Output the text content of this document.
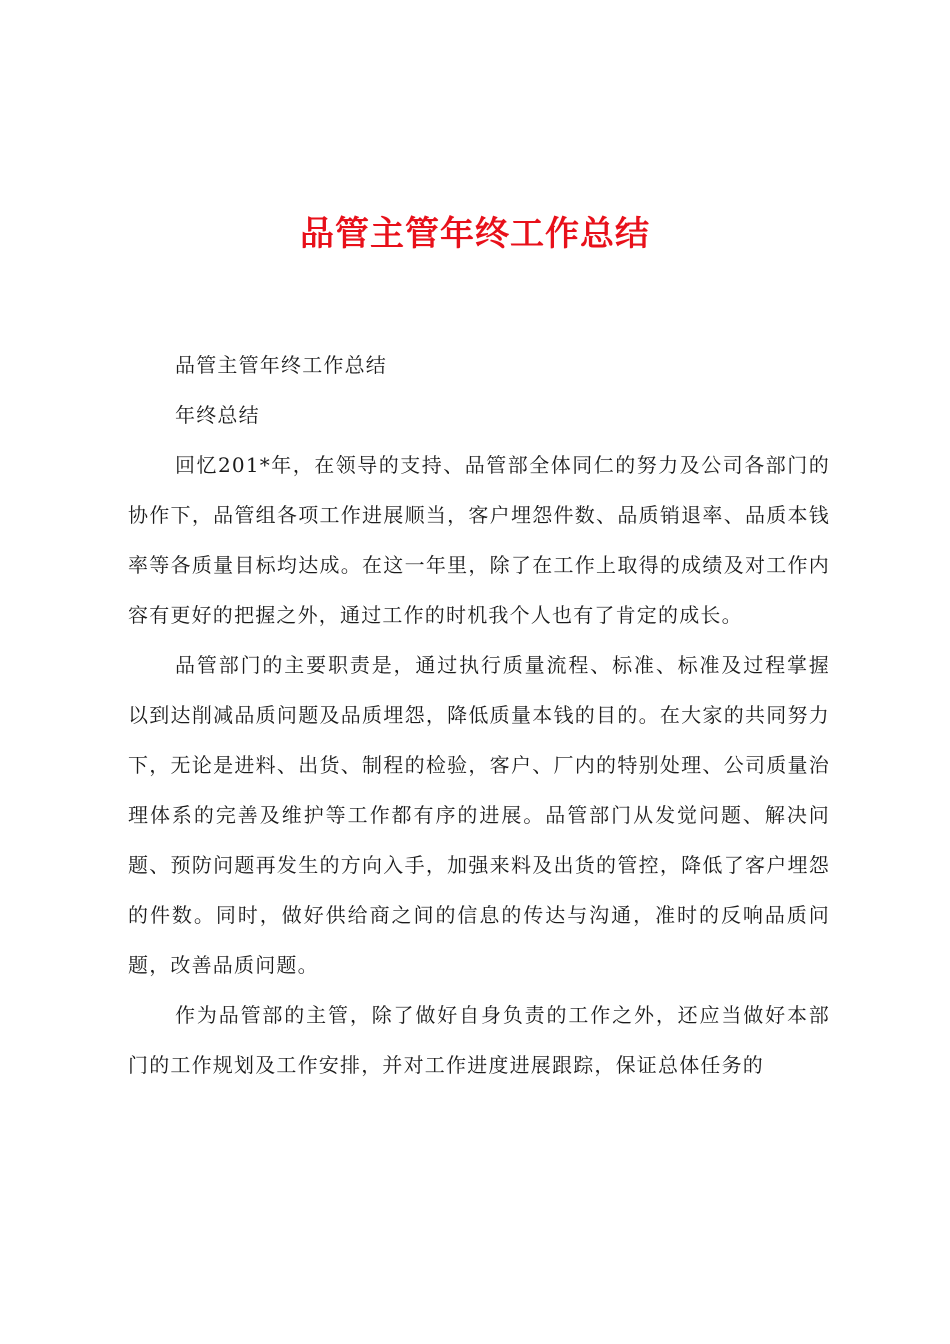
品管主管年终工作总结

品管主管年终工作总结

年终总结

回忆201*年，在领导的支持、品管部全体同仁的努力及公司各部门的协作下，品管组各项工作进展顺当，客户埋怨件数、品质销退率、品质本钱率等各质量目标均达成。在这一年里，除了在工作上取得的成绩及对工作内容有更好的把握之外，通过工作的时机我个人也有了肯定的成长。

品管部门的主要职责是，通过执行质量流程、标准、标准及过程掌握以到达削减品质问题及品质埋怨，降低质量本钱的目的。在大家的共同努力下，无论是进料、出货、制程的检验，客户、厂内的特别处理、公司质量治理体系的完善及维护等工作都有序的进展。品管部门从发觉问题、解决问题、预防问题再发生的方向入手，加强来料及出货的管控，降低了客户埋怨的件数。同时，做好供给商之间的信息的传达与沟通，准时的反响品质问题，改善品质问题。

作为品管部的主管，除了做好自身负责的工作之外，还应当做好本部门的工作规划及工作安排，并对工作进度进展跟踪，保证总体任务的
